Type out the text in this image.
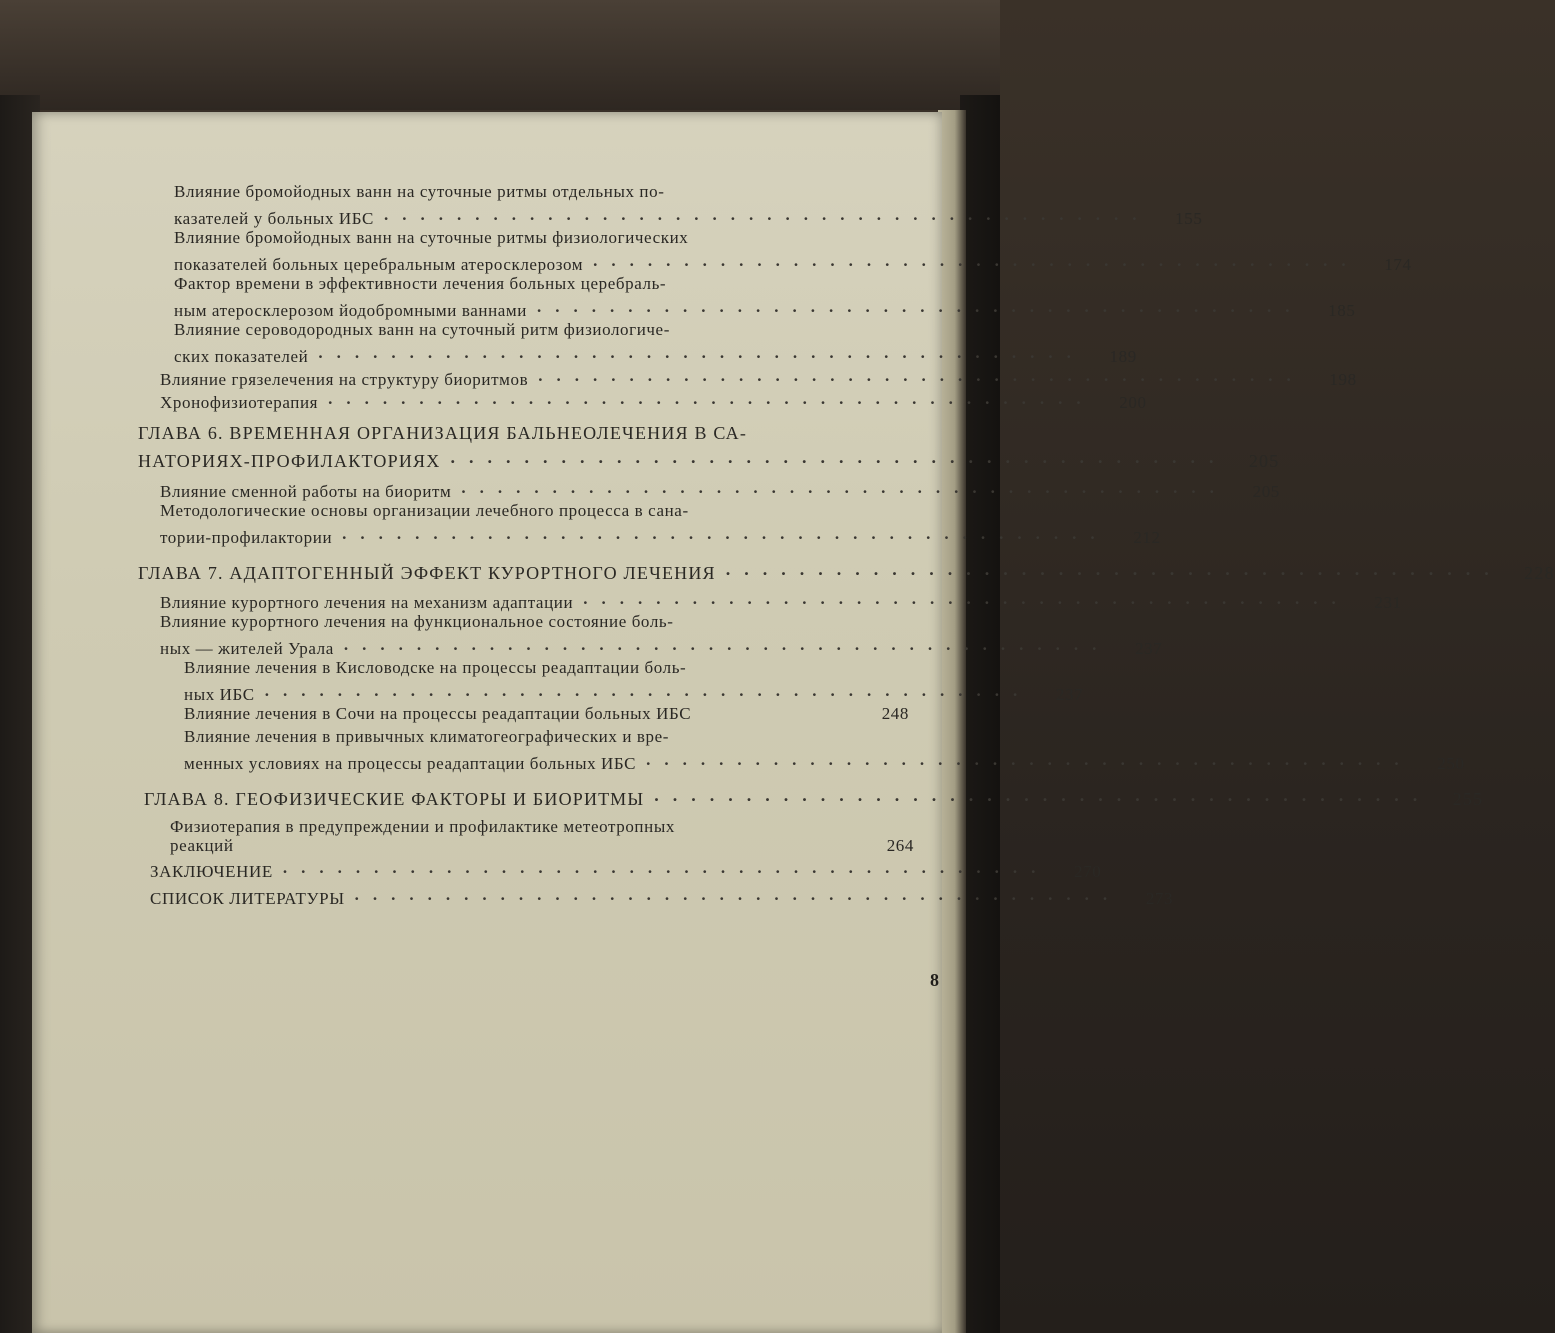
Влияние бромойодных ванн на суточные ритмы отдельных по-
казателей у больных ИБС ..........................................	155
Влияние бромойодных ванн на суточные ритмы физиологических
показателей больных церебральным атеросклерозом ..........................................	174
Фактор времени в эффективности лечения больных церебраль-
ным атеросклерозом йодобромными ваннами ..........................................	185
Влияние сероводородных ванн на суточный ритм физиологиче-
ских показателей ..........................................	189
Влияние грязелечения на структуру биоритмов ..........................................	198
Хронофизиотерапия ..........................................	200
ГЛАВА 6. ВРЕМЕННАЯ ОРГАНИЗАЦИЯ БАЛЬНЕОЛЕЧЕНИЯ В СА-
НАТОРИЯХ-ПРОФИЛАКТОРИЯХ ..........................................	205
Влияние сменной работы на биоритм ..........................................	205
Методологические основы организации лечебного процесса в сана-
тории-профилактории ..........................................	212
ГЛАВА 7. АДАПТОГЕННЫЙ ЭФФЕКТ КУРОРТНОГО ЛЕЧЕНИЯ ..........................................	228
Влияние курортного лечения на механизм адаптации ..........................................	231
Влияние курортного лечения на функциональное состояние боль-
ных — жителей Урала ..........................................	237
Влияние лечения в Кисловодске на процессы реадаптации боль-
ных ИБС ..........................................	237
Влияние лечения в Сочи на процессы реадаптации больных ИБС	248
Влияние лечения в привычных климатогеографических и вре-
менных условиях на процессы реадаптации больных ИБС ..........................................	250
ГЛАВА 8. ГЕОФИЗИЧЕСКИЕ ФАКТОРЫ И БИОРИТМЫ ..........................................	255
Физиотерапия в предупреждении и профилактике метеотропных
реакций	264
ЗАКЛЮЧЕНИЕ ..........................................	270
СПИСОК ЛИТЕРАТУРЫ ..........................................	273
8
